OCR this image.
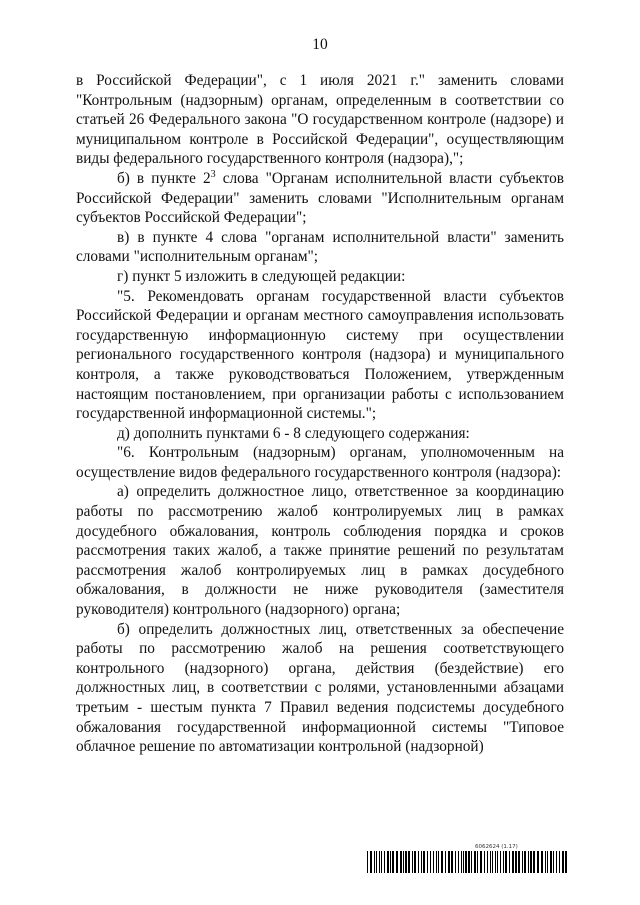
10

в Российской Федерации", с 1 июля 2021 г." заменить словами "Контрольным (надзорным) органам, определенным в соответствии со статьей 26 Федерального закона "О государственном контроле (надзоре) и муниципальном контроле в Российской Федерации", осуществляющим виды федерального государственного контроля (надзора),";

б) в пункте $2^3$ слова "Органам исполнительной власти субъектов Российской Федерации" заменить словами "Исполнительным органам субъектов Российской Федерации";

в) в пункте 4 слова "органам исполнительной власти" заменить словами "исполнительным органам";

г) пункт 5 изложить в следующей редакции:

"5. Рекомендовать органам государственной власти субъектов Российской Федерации и органам местного самоуправления использовать государственную информационную систему при осуществлении регионального государственного контроля (надзора) и муниципального контроля, а также руководствоваться Положением, утвержденным настоящим постановлением, при организации работы с использованием государственной информационной системы.";

д) дополнить пунктами 6 - 8 следующего содержания:

"6. Контрольным (надзорным) органам, уполномоченным на осуществление видов федерального государственного контроля (надзора):

а) определить должностное лицо, ответственное за координацию работы по рассмотрению жалоб контролируемых лиц в рамках досудебного обжалования, контроль соблюдения порядка и сроков рассмотрения таких жалоб, а также принятие решений по результатам рассмотрения жалоб контролируемых лиц в рамках досудебного обжалования, в должности не ниже руководителя (заместителя руководителя) контрольного (надзорного) органа;

б) определить должностных лиц, ответственных за обеспечение работы по рассмотрению жалоб на решения соответствующего контрольного (надзорного) органа, действия (бездействие) его должностных лиц, в соответствии с ролями, установленными абзацами третьим - шестым пункта 7 Правил ведения подсистемы досудебного обжалования государственной информационной системы "Типовое облачное решение по автоматизации контрольной (надзорной)

6062624 (1.17)
